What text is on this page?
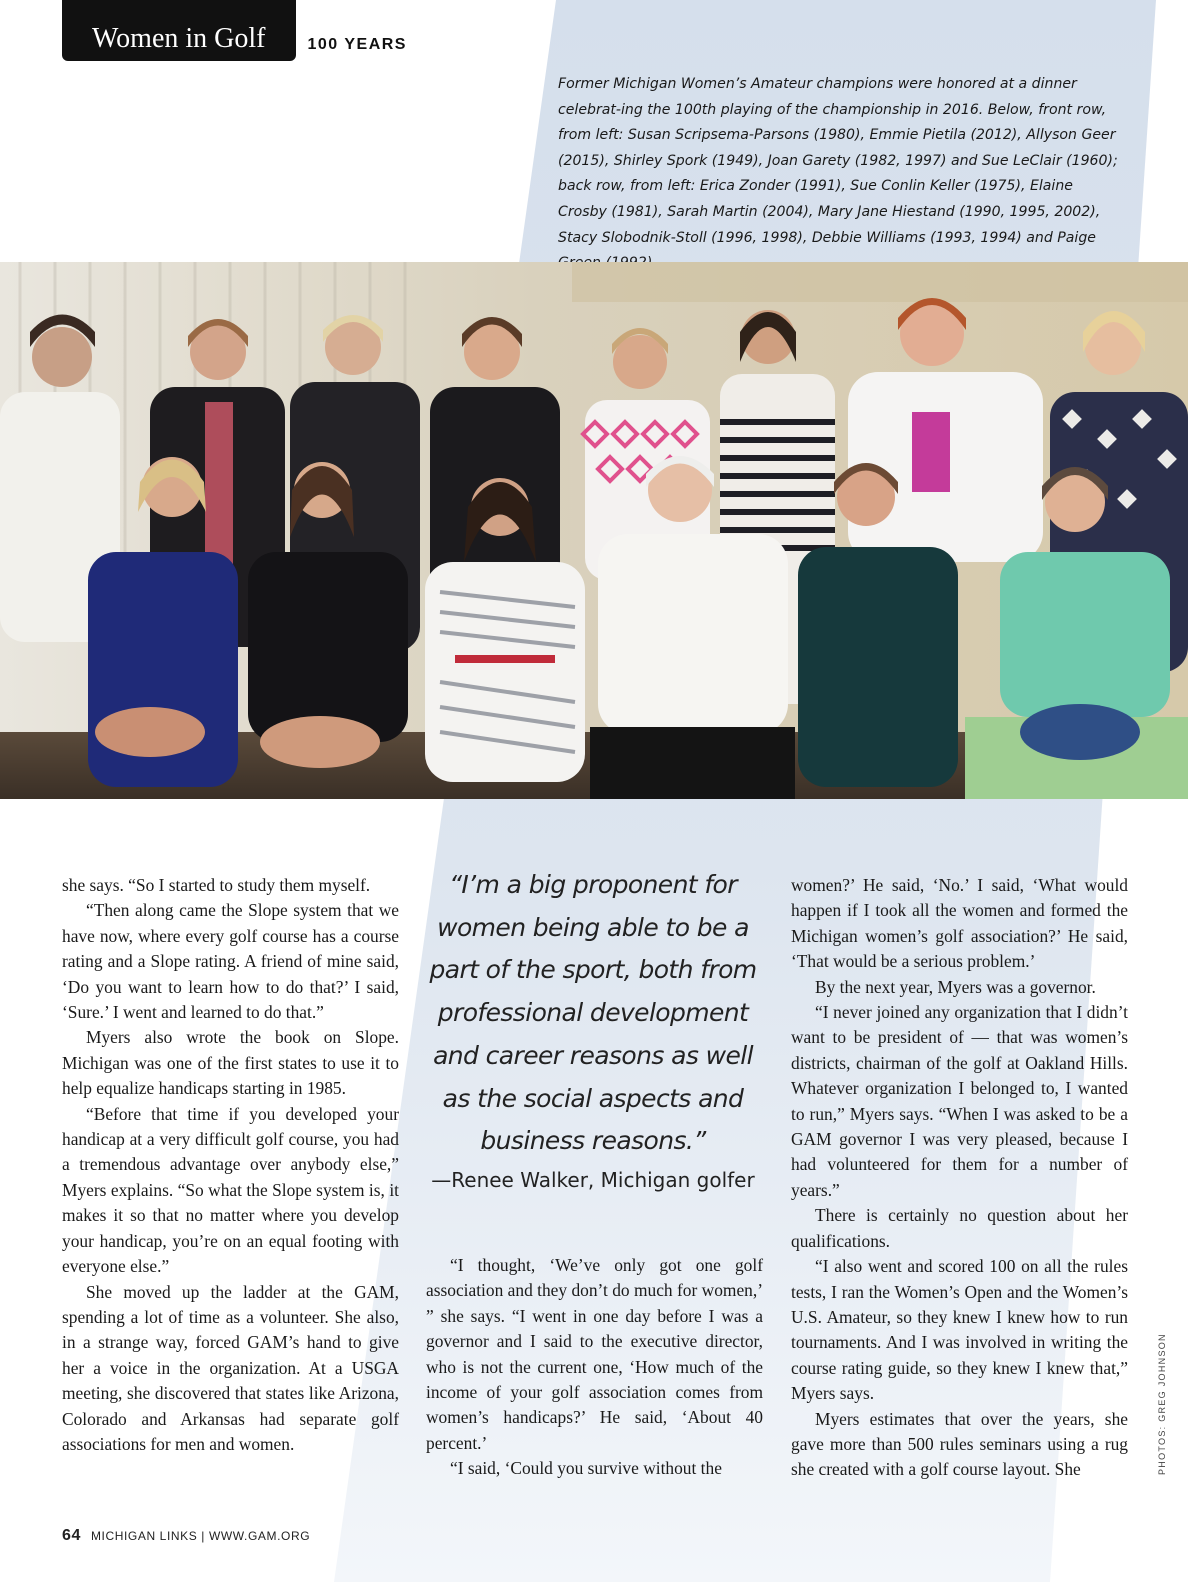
Women in Golf	100 YEARS
Former Michigan Women’s Amateur champions were honored at a dinner celebrat-ing the 100th playing of the championship in 2016. Below, front row, from left: Susan Scripsema-Parsons (1980), Emmie Pietila (2012), Allyson Geer (2015), Shirley Spork (1949), Joan Garety (1982, 1997) and Sue LeClair (1960); back row, from left: Erica Zonder (1991), Sue Conlin Keller (1975), Elaine Crosby (1981), Sarah Martin (2004), Mary Jane Hiestand (1990, 1995, 2002), Stacy Slobodnik-Stoll (1996, 1998), Debbie Williams (1993, 1994) and Paige

she says. “So I started to study them myself.

“Then along came the Slope system that we have now, where every golf course has a course rating and a Slope rating. A friend of mine said, ‘Do you want to learn how to do that?’ I said, ‘Sure.’ I went and learned to do that.”

Myers also wrote the book on Slope. Michigan was one of the first states to use it to help equalize handicaps starting in 1985.

“Before that time if you developed your handicap at a very difficult golf course, you had a tremendous advantage over anybody else,” Myers explains. “So what the Slope system is, it makes it so that no matter where you develop your handicap, you’re on an equal footing with everyone else.”

She moved up the ladder at the GAM, spending a lot of time as a volunteer. She also, in a strange way, forced GAM’s hand to give her a voice in the organization. At a USGA meeting, she discovered that states like Arizona, Colorado and Arkansas had separate golf associations for men and women.

“I’m a big proponent for women being able to be a part of the sport, both from professional development and career reasons as well as the social aspects and business reasons.”
—Renee Walker, Michigan golfer

“I thought, ‘We’ve only got one golf association and they don’t do much for women,’ ” she says. “I went in one day before I was a governor and I said to the executive director, who is not the current one, ‘How much of the income of your golf association comes from women’s handicaps?’ He said, ‘About 40 percent.’

“I said, ‘Could you survive without the

women?’ He said, ‘No.’ I said, ‘What would happen if I took all the women and formed the Michigan women’s golf association?’ He said, ‘That would be a serious problem.’

By the next year, Myers was a governor.

“I never joined any organization that I didn’t want to be president of — that was women’s districts, chairman of the golf at Oakland Hills. Whatever organization I belonged to, I wanted to run,” Myers says. “When I was asked to be a GAM governor I was very pleased, because I had volunteered for them for a number of years.”

There is certainly no question about her qualifications.

“I also went and scored 100 on all the rules tests, I ran the Women’s Open and the Women’s U.S. Amateur, so they knew I knew how to run tournaments. And I was involved in writing the course rating guide, so they knew I knew that,” Myers says.

Myers estimates that over the years, she gave more than 500 rules seminars using a rug she created with a golf course layout. She	PHOTOS: GREG JOHNSON
64 MICHIGAN LINKS | WWW.GAM.ORG
